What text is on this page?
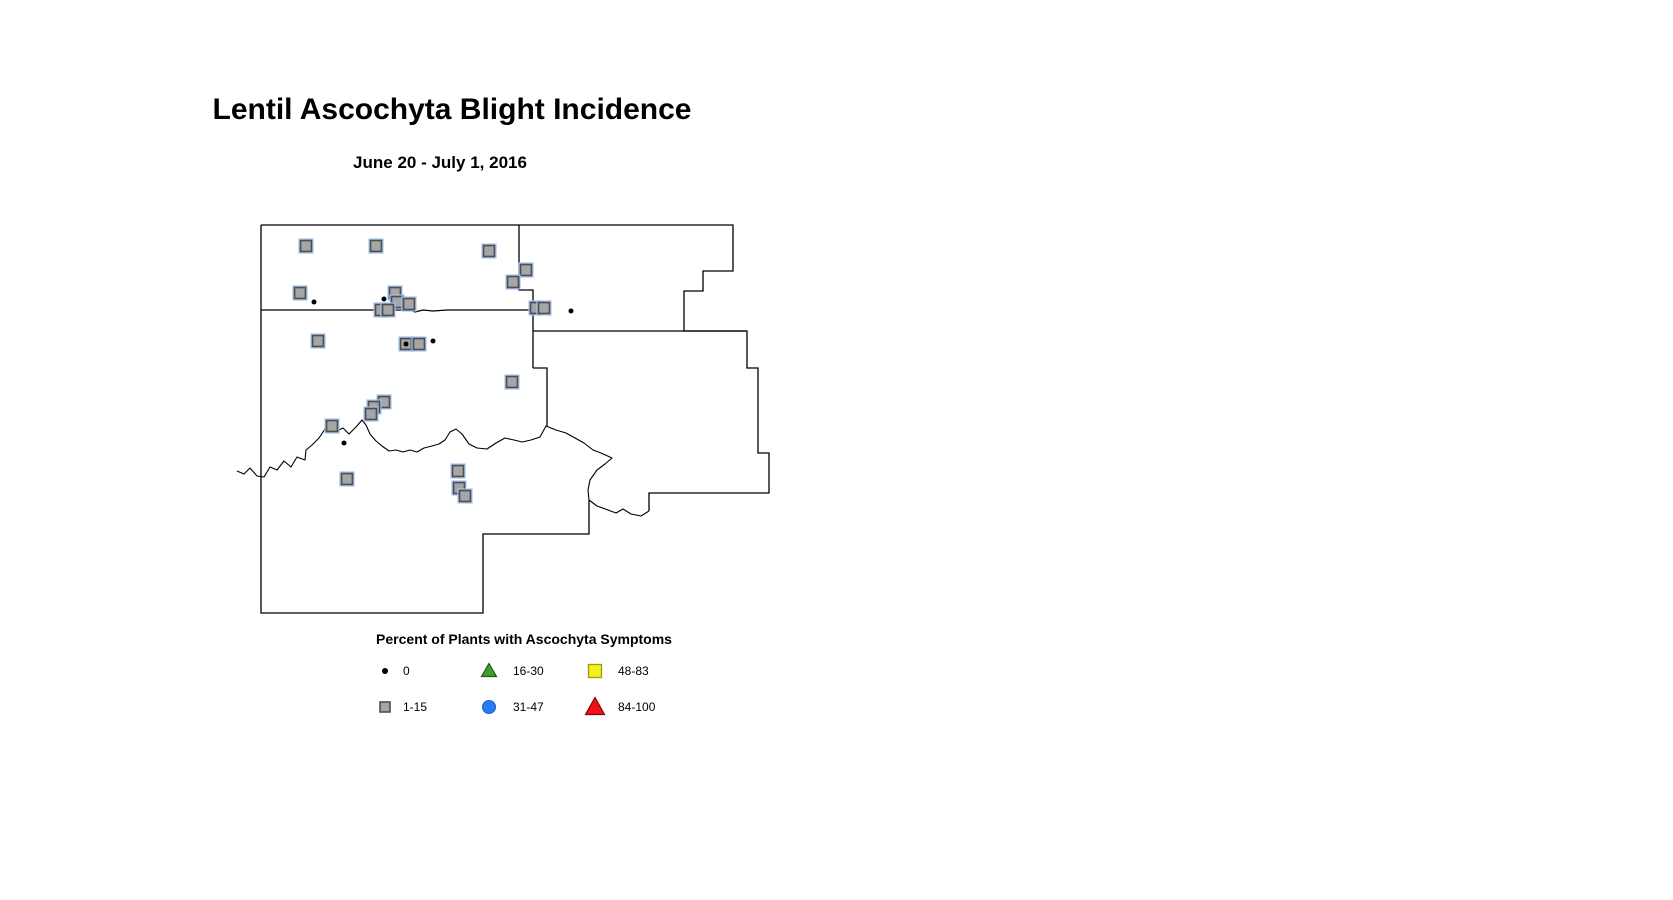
Lentil Ascochyta Blight Incidence
June 20 - July 1, 2016
Percent of Plants with Ascochyta Symptoms
0	16-30	48-83
1-15	31-47	84-100
